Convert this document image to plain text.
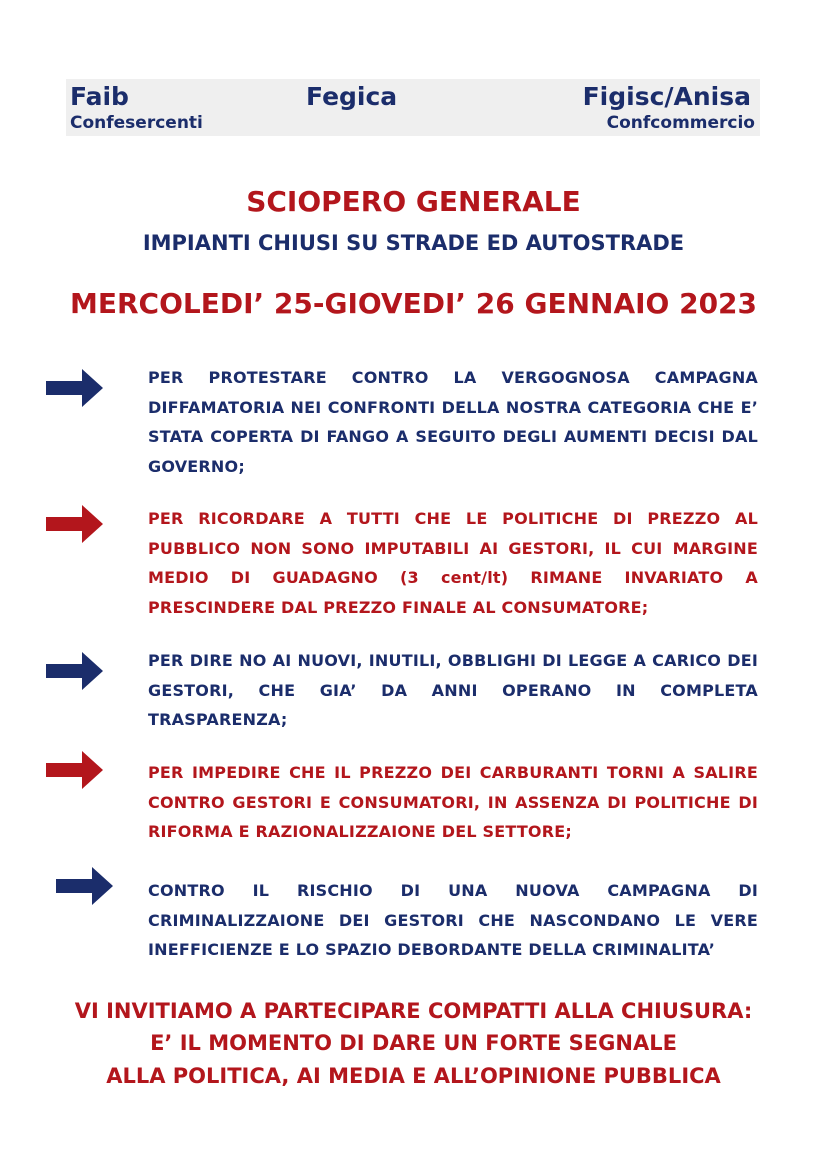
Faib
Confesercenti
Fegica	Figisc/Anisa
Confcommercio
SCIOPERO GENERALE
IMPIANTI CHIUSI SU STRADE ED AUTOSTRADE
MERCOLEDI’ 25-GIOVEDI’ 26 GENNAIO 2023
PER PROTESTARE CONTRO LA VERGOGNOSA CAMPAGNA DIFFAMATORIA NEI CONFRONTI DELLA NOSTRA CATEGORIA CHE E’ STATA COPERTA DI FANGO A SEGUITO DEGLI AUMENTI DECISI DAL GOVERNO;
PER RICORDARE A TUTTI CHE LE POLITICHE DI PREZZO AL PUBBLICO NON SONO IMPUTABILI AI GESTORI, IL CUI MARGINE MEDIO DI GUADAGNO (3 cent/lt) RIMANE INVARIATO A PRESCINDERE DAL PREZZO FINALE AL CONSUMATORE;
PER DIRE NO AI NUOVI, INUTILI, OBBLIGHI DI LEGGE A CARICO DEI GESTORI, CHE GIA’ DA ANNI OPERANO IN COMPLETA TRASPARENZA;
PER IMPEDIRE CHE IL PREZZO DEI CARBURANTI TORNI A SALIRE CONTRO GESTORI E CONSUMATORI, IN ASSENZA DI POLITICHE DI RIFORMA E RAZIONALIZZAIONE DEL SETTORE;
CONTRO IL RISCHIO DI UNA NUOVA CAMPAGNA DI CRIMINALIZZAIONE DEI GESTORI CHE NASCONDANO LE VERE INEFFICIENZE E LO SPAZIO DEBORDANTE DELLA CRIMINALITA’
VI INVITIAMO A PARTECIPARE COMPATTI ALLA CHIUSURA:
E’ IL MOMENTO DI DARE UN FORTE SEGNALE
ALLA POLITICA, AI MEDIA E ALL’OPINIONE PUBBLICA
